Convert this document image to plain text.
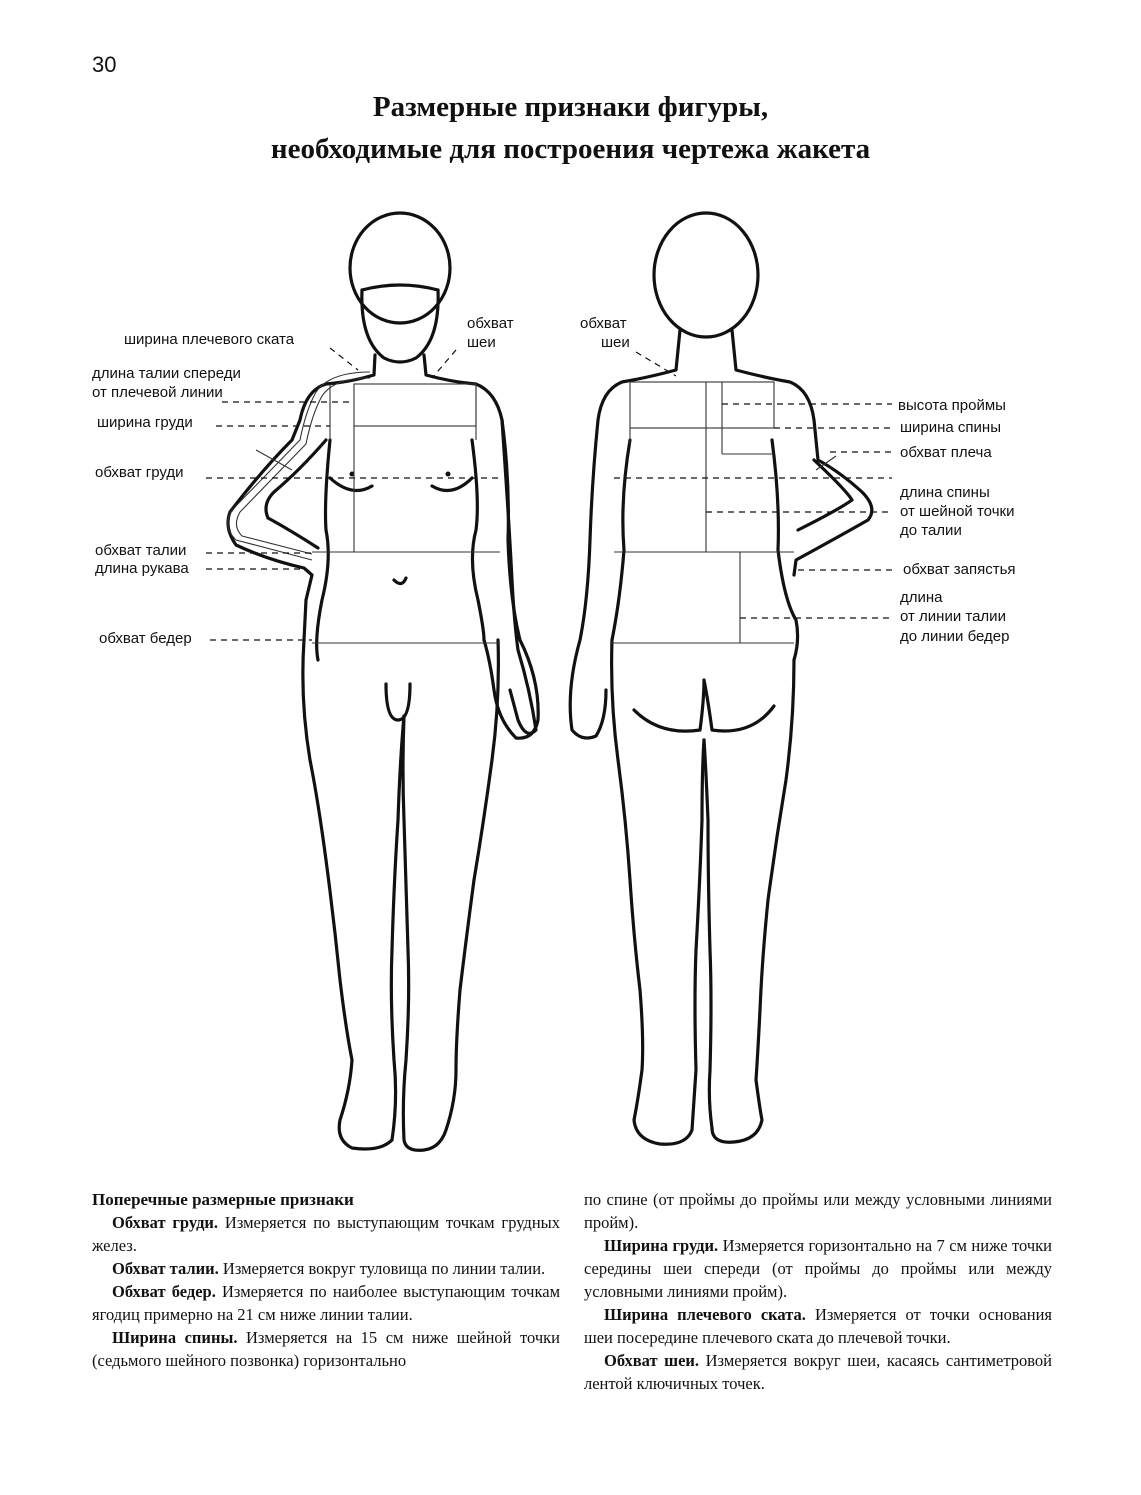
30
Размерные признаки фигуры,
необходимые для построения чертежа жакета
ширина плечевого ската
длина талии спереди
от плечевой линии
ширина груди
обхват груди
обхват талии
длина рукава
обхват бедер
обхват
шеи
обхват
шеи
высота проймы
ширина спины
обхват плеча
длина спины
от шейной точки
до талии
обхват запястья
длина
от линии талии
до линии бедер
Поперечные размерные признаки

Обхват груди. Измеряется по выступающим точкам грудных желез.

Обхват талии. Измеряется вокруг туловища по линии талии.

Обхват бедер. Измеряется по наиболее выступающим точкам ягодиц примерно на 21 см ниже линии талии.

Ширина спины. Измеряется на 15 см ниже шейной точки (седьмого шейного позвонка) горизонтально

по спине (от проймы до проймы или между условными линиями пройм).

Ширина груди. Измеряется горизонтально на 7 см ниже точки середины шеи спереди (от проймы до проймы или между условными линиями пройм).

Ширина плечевого ската. Измеряется от точки основания шеи посередине плечевого ската до плечевой точки.

Обхват шеи. Измеряется вокруг шеи, касаясь сантиметровой лентой ключичных точек.
